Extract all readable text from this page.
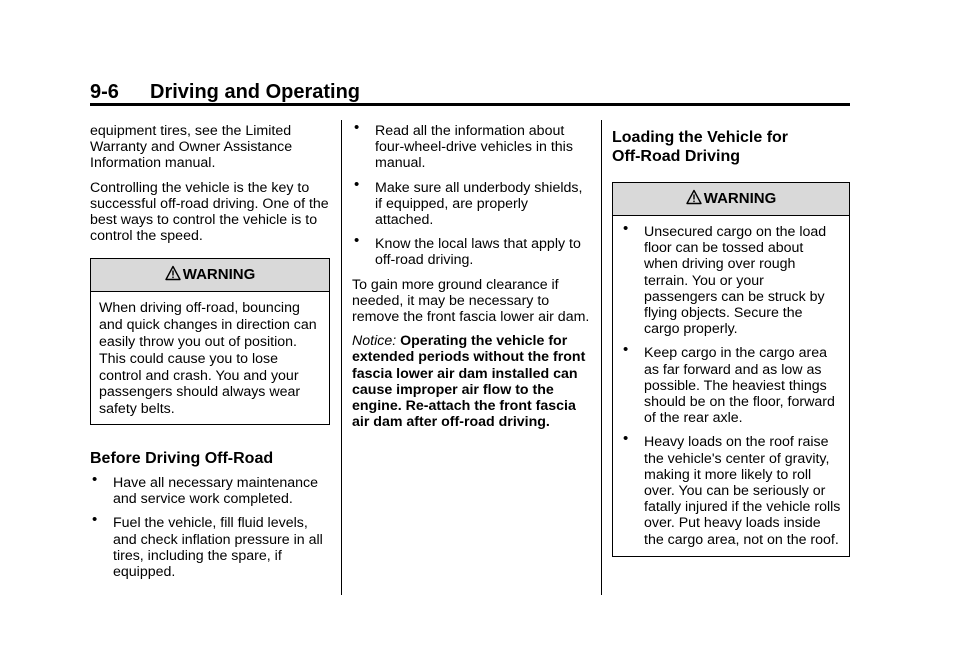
9-6 Driving and Operating

equipment tires, see the Limited Warranty and Owner Assistance Information manual.

Controlling the vehicle is the key to successful off-road driving. One of the best ways to control the vehicle is to control the speed.

WARNING
When driving off-road, bouncing and quick changes in direction can easily throw you out of position. This could cause you to lose control and crash. You and your passengers should always wear safety belts.
Before Driving Off-Road
• Have all necessary maintenance and service work completed.
• Fuel the vehicle, fill fluid levels, and check inflation pressure in all tires, including the spare, if equipped.
• Read all the information about four-wheel-drive vehicles in this manual.
• Make sure all underbody shields, if equipped, are properly attached.
• Know the local laws that apply to off-road driving.

To gain more ground clearance if needed, it may be necessary to remove the front fascia lower air dam.

Notice: Operating the vehicle for extended periods without the front fascia lower air dam installed can cause improper air flow to the engine. Re-attach the front fascia air dam after off-road driving.

Loading the Vehicle for Off-Road Driving
WARNING
• Unsecured cargo on the load floor can be tossed about when driving over rough terrain. You or your passengers can be struck by flying objects. Secure the cargo properly.
• Keep cargo in the cargo area as far forward and as low as possible. The heaviest things should be on the floor, forward of the rear axle.
• Heavy loads on the roof raise the vehicle's center of gravity, making it more likely to roll over. You can be seriously or fatally injured if the vehicle rolls over. Put heavy loads inside the cargo area, not on the roof.
